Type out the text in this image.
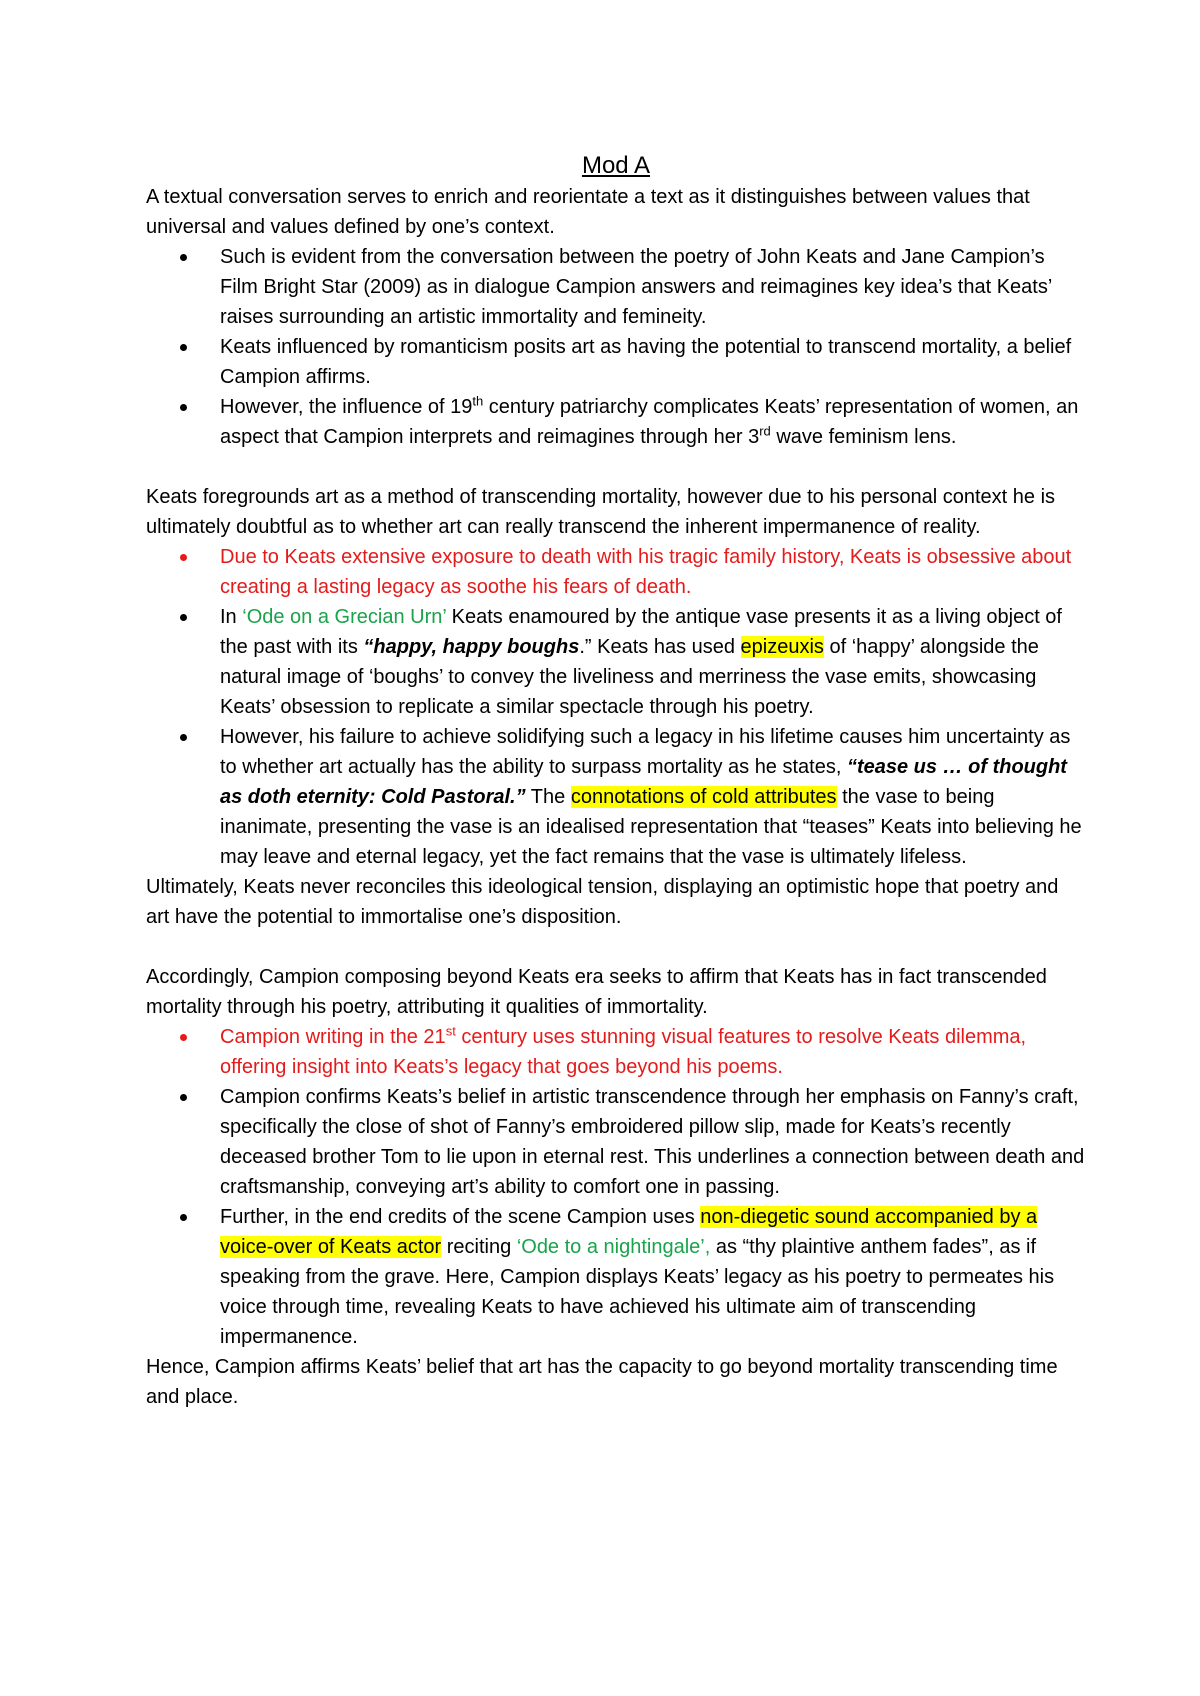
Mod A

A textual conversation serves to enrich and reorientate a text as it distinguishes between values that universal and values defined by one’s context.

Such is evident from the conversation between the poetry of John Keats and Jane Campion’s Film Bright Star (2009) as in dialogue Campion answers and reimagines key idea’s that Keats’ raises surrounding an artistic immortality and femineity.
Keats influenced by romanticism posits art as having the potential to transcend mortality, a belief Campion affirms.
However, the influence of 19th century patriarchy complicates Keats’ representation of women, an aspect that Campion interprets and reimagines through her 3rd wave feminism lens.

Keats foregrounds art as a method of transcending mortality, however due to his personal context he is ultimately doubtful as to whether art can really transcend the inherent impermanence of reality.

Due to Keats extensive exposure to death with his tragic family history, Keats is obsessive about creating a lasting legacy as soothe his fears of death.
In ‘Ode on a Grecian Urn’ Keats enamoured by the antique vase presents it as a living object of the past with its “happy, happy boughs.” Keats has used epizeuxis of ‘happy’ alongside the natural image of ‘boughs’ to convey the liveliness and merriness the vase emits, showcasing Keats’ obsession to replicate a similar spectacle through his poetry.
However, his failure to achieve solidifying such a legacy in his lifetime causes him uncertainty as to whether art actually has the ability to surpass mortality as he states, “tease us … of thought as doth eternity: Cold Pastoral.” The connotations of cold attributes the vase to being inanimate, presenting the vase is an idealised representation that “teases” Keats into believing he may leave and eternal legacy, yet the fact remains that the vase is ultimately lifeless.

Ultimately, Keats never reconciles this ideological tension, displaying an optimistic hope that poetry and art have the potential to immortalise one’s disposition.

Accordingly, Campion composing beyond Keats era seeks to affirm that Keats has in fact transcended mortality through his poetry, attributing it qualities of immortality.

Campion writing in the 21st century uses stunning visual features to resolve Keats dilemma, offering insight into Keats’s legacy that goes beyond his poems.
Campion confirms Keats’s belief in artistic transcendence through her emphasis on Fanny’s craft, specifically the close of shot of Fanny’s embroidered pillow slip, made for Keats’s recently deceased brother Tom to lie upon in eternal rest. This underlines a connection between death and craftsmanship, conveying art’s ability to comfort one in passing.
Further, in the end credits of the scene Campion uses non-diegetic sound accompanied by a voice-over of Keats actor reciting ‘Ode to a nightingale’, as “thy plaintive anthem fades”, as if speaking from the grave. Here, Campion displays Keats’ legacy as his poetry to permeates his voice through time, revealing Keats to have achieved his ultimate aim of transcending impermanence.

Hence, Campion affirms Keats’ belief that art has the capacity to go beyond mortality transcending time and place.
